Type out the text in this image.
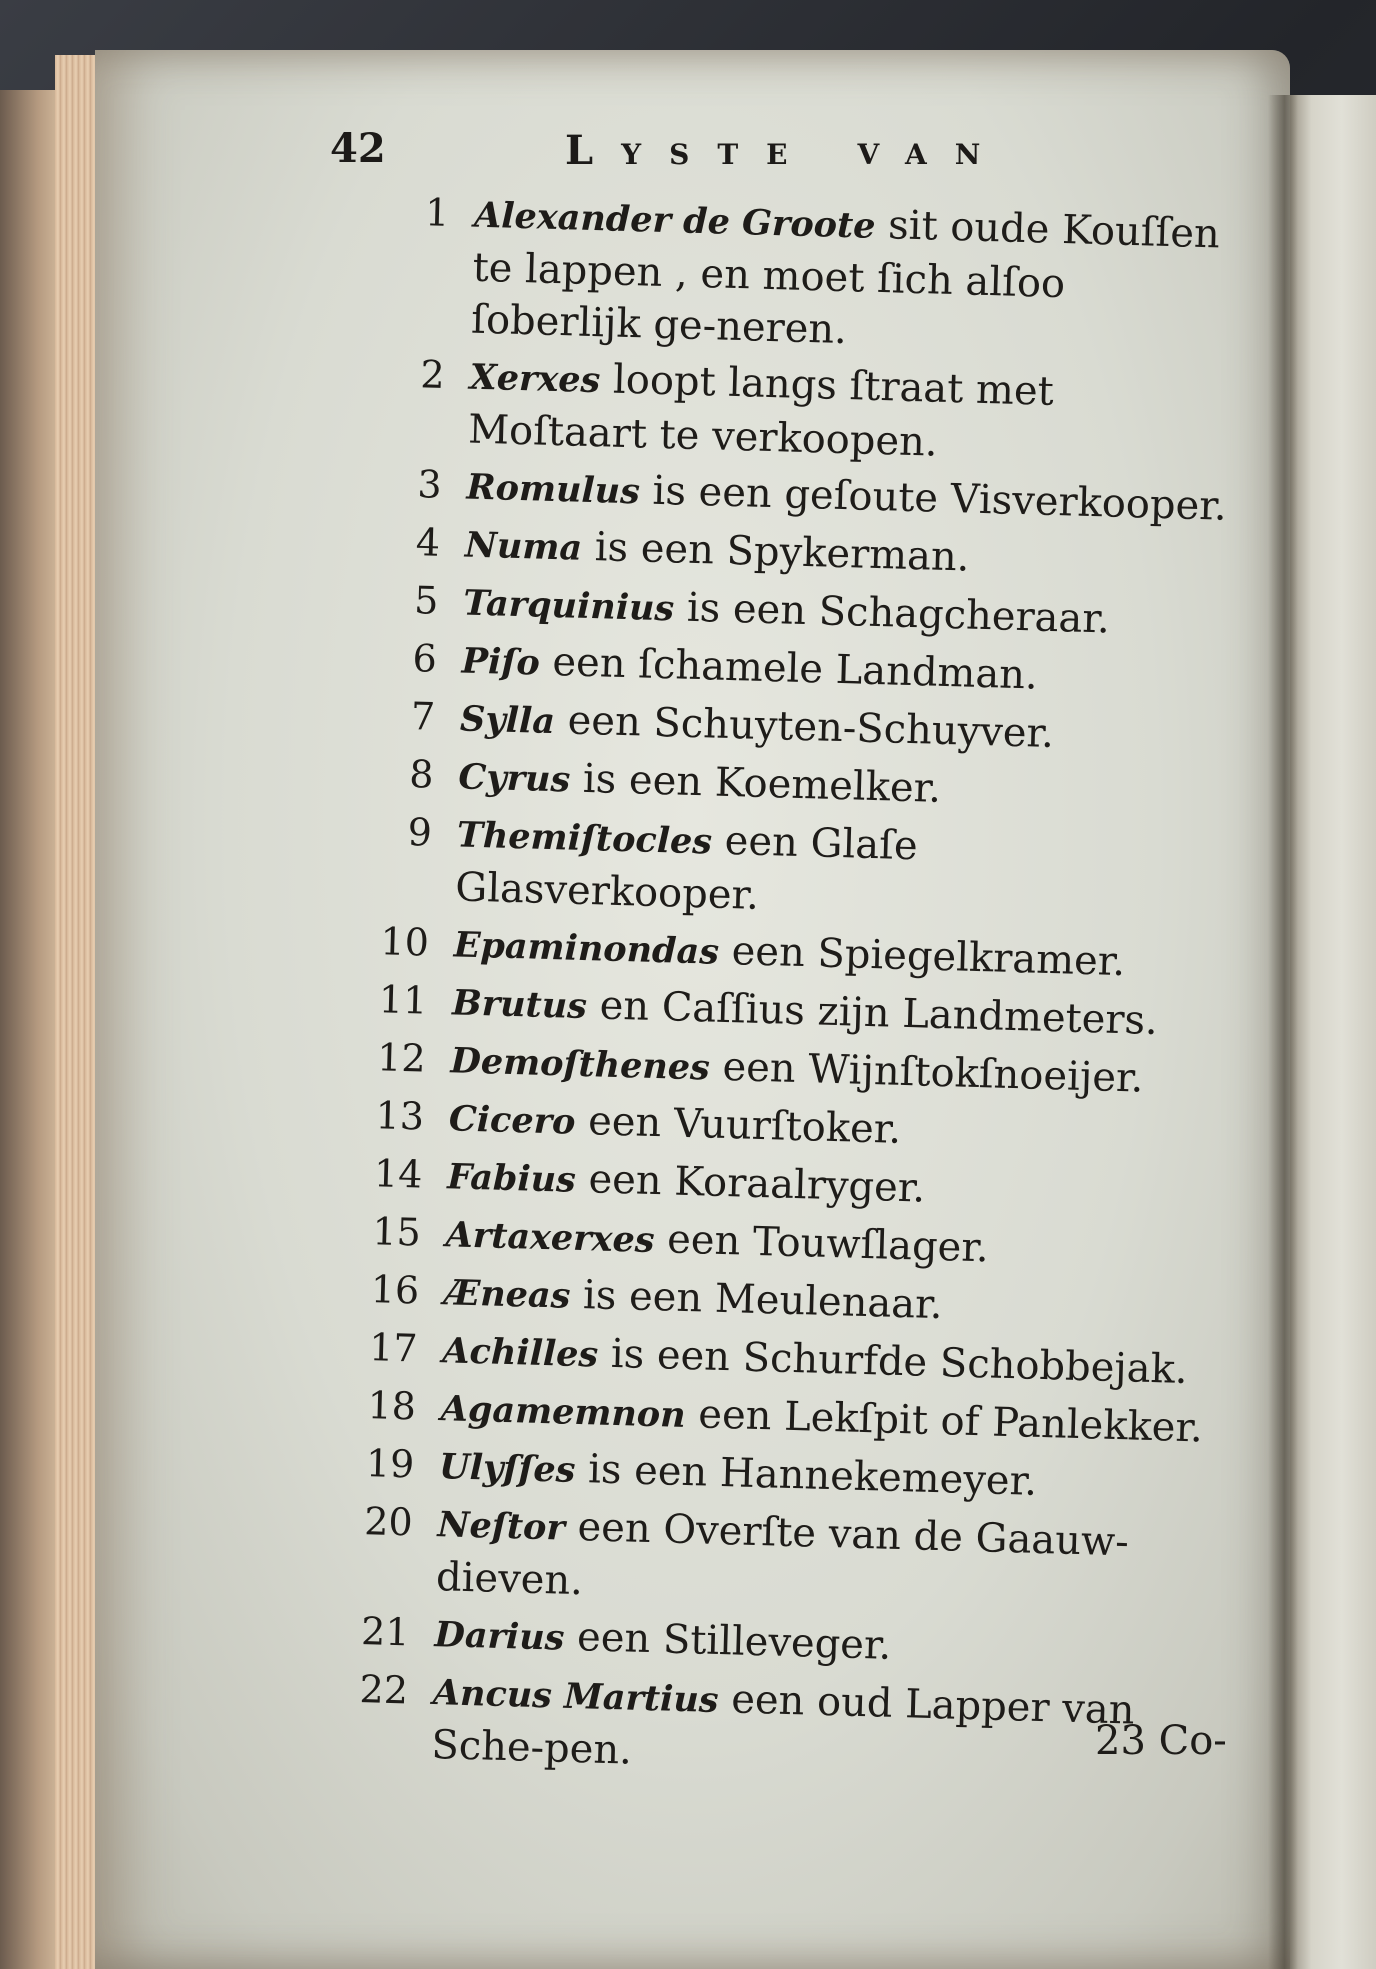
42	Lyste van
1 Alexander de Groote sit oude Kouſſen te lappen , en moet ſich alſoo ſoberlijk ge-neren.
2 Xerxes loopt langs ſtraat met Moſtaart te verkoopen.
3 Romulus is een geſoute Visverkooper.
4 Numa is een Spykerman.
5 Tarquinius is een Schagcheraar.
6 Piſo een ſchamele Landman.
7 Sylla een Schuyten-Schuyver.
8 Cyrus is een Koemelker.
9 Themiſtocles een Glaſe Glasverkooper.
10 Epaminondas een Spiegelkramer.
11 Brutus en Caſſius zijn Landmeters.
12 Demoſthenes een Wijnſtokſnoeijer.
13 Cicero een Vuurſtoker.
14 Fabius een Koraalryger.
15 Artaxerxes een Touwſlager.
16 Æneas is een Meulenaar.
17 Achilles is een Schurfde Schobbejak.
18 Agamemnon een Lekſpit of Panlekker.
19 Ulyſſes is een Hannekemeyer.
20 Neſtor een Overſte van de Gaauw-dieven.
21 Darius een Stilleveger.
22 Ancus Martius een oud Lapper van Sche-pen.	23 Co-
